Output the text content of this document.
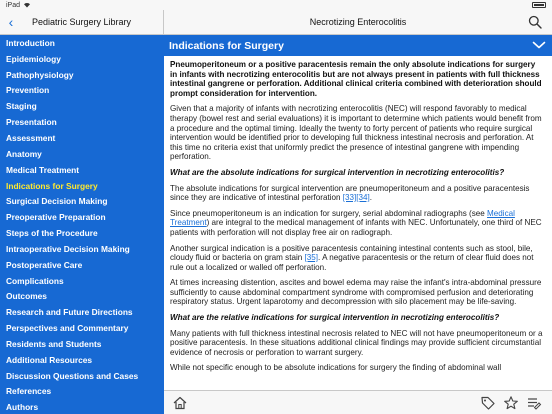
iPad
‹	Pediatric Surgery Library	Necrotizing Enterocolitis
Introduction
Epidemiology
Pathophysiology
Prevention
Staging
Presentation
Assessment
Anatomy
Medical Treatment
Indications for Surgery
Surgical Decision Making
Preoperative Preparation
Steps of the Procedure
Intraoperative Decision Making
Postoperative Care
Complications
Outcomes
Research and Future Directions
Perspectives and Commentary
Residents and Students
Additional Resources
Discussion Questions and Cases
References
Authors
Indications for Surgery

Pneumoperitoneum or a positive paracentesis remain the only absolute indications for surgery in infants with necrotizing enterocolitis but are not always present in patients with full thickness intestinal gangrene or perforation. Additional clinical criteria combined with deterioration should prompt consideration for intervention.

Given that a majority of infants with necrotizing enterocolitis (NEC) will respond favorably to medical therapy (bowel rest and serial evaluations) it is important to determine which patients would benefit from a procedure and the optimal timing. Ideally the twenty to forty percent of patients who require surgical intervention would be identified prior to developing full thickness intestinal necrosis and perforation. At this time no criteria exist that uniformly predict the presence of intestinal gangrene with impending perforation.

What are the absolute indications for surgical intervention in necrotizing enterocolitis?

The absolute indications for surgical intervention are pneumoperitoneum and a positive paracentesis since they are indicative of intestinal perforation [33][34].

Since pneumoperitoneum is an indication for surgery, serial abdominal radiographs (see Medical Treatment) are integral to the medical management of infants with NEC. Unfortunately, one third of NEC patients with perforation will not display free air on radiograph.

Another surgical indication is a positive paracentesis containing intestinal contents such as stool, bile, cloudy fluid or bacteria on gram stain [35]. A negative paracentesis or the return of clear fluid does not rule out a localized or walled off perforation.

At times increasing distention, ascites and bowel edema may raise the infant's intra-abdominal pressure sufficiently to cause abdominal compartment syndrome with compromised perfusion and deteriorating respiratory status. Urgent laparotomy and decompression with silo placement may be life-saving.

What are the relative indications for surgical intervention in necrotizing enterocolitis?

Many patients with full thickness intestinal necrosis related to NEC will not have pneumoperitoneum or a positive paracentesis. In these situations additional clinical findings may provide sufficient circumstantial evidence of necrosis or perforation to warrant surgery.

While not specific enough to be absolute indications for surgery the finding of abdominal wall
